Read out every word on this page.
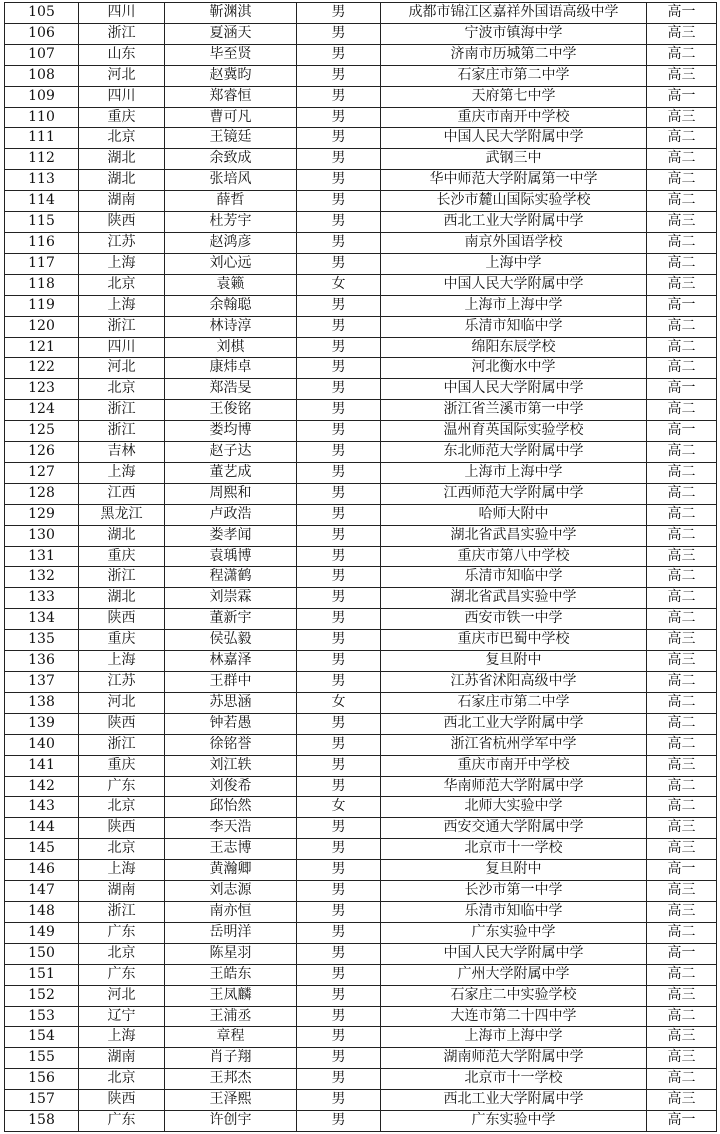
105	四川	靳渊淇	男	成都市锦江区嘉祥外国语高级中学	高一
106	浙江	夏涵天	男	宁波市镇海中学	高三
107	山东	毕至贤	男	济南市历城第二中学	高二
108	河北	赵冀昀	男	石家庄市第二中学	高三
109	四川	郑睿恒	男	天府第七中学	高一
110	重庆	曹可凡	男	重庆市南开中学校	高三
111	北京	王镜廷	男	中国人民大学附属中学	高二
112	湖北	余致成	男	武钢三中	高二
113	湖北	张培风	男	华中师范大学附属第一中学	高二
114	湖南	薛哲	男	长沙市麓山国际实验学校	高二
115	陕西	杜芳宇	男	西北工业大学附属中学	高三
116	江苏	赵鸿彦	男	南京外国语学校	高二
117	上海	刘心远	男	上海中学	高二
118	北京	袁籁	女	中国人民大学附属中学	高三
119	上海	余翰聪	男	上海市上海中学	高一
120	浙江	林诗淳	男	乐清市知临中学	高二
121	四川	刘棋	男	绵阳东辰学校	高二
122	河北	康炜卓	男	河北衡水中学	高二
123	北京	郑浩旻	男	中国人民大学附属中学	高一
124	浙江	王俊铭	男	浙江省兰溪市第一中学	高二
125	浙江	娄均博	男	温州育英国际实验学校	高一
126	吉林	赵子达	男	东北师范大学附属中学	高二
127	上海	董艺成	男	上海市上海中学	高二
128	江西	周熙和	男	江西师范大学附属中学	高二
129	黑龙江	卢政浩	男	哈师大附中	高二
130	湖北	娄孝闻	男	湖北省武昌实验中学	高二
131	重庆	袁瑀博	男	重庆市第八中学校	高三
132	浙江	程潇鹤	男	乐清市知临中学	高二
133	湖北	刘崇霖	男	湖北省武昌实验中学	高二
134	陕西	董新宇	男	西安市铁一中学	高二
135	重庆	侯弘毅	男	重庆市巴蜀中学校	高三
136	上海	林嘉泽	男	复旦附中	高三
137	江苏	王群中	男	江苏省沭阳高级中学	高二
138	河北	苏思涵	女	石家庄市第二中学	高二
139	陕西	钟若愚	男	西北工业大学附属中学	高二
140	浙江	徐铭誉	男	浙江省杭州学军中学	高二
141	重庆	刘江轶	男	重庆市南开中学校	高三
142	广东	刘俊希	男	华南师范大学附属中学	高二
143	北京	邱怡然	女	北师大实验中学	高二
144	陕西	李天浩	男	西安交通大学附属中学	高三
145	北京	王志博	男	北京市十一学校	高三
146	上海	黄瀚卿	男	复旦附中	高一
147	湖南	刘志源	男	长沙市第一中学	高三
148	浙江	南亦恒	男	乐清市知临中学	高三
149	广东	岳明洋	男	广东实验中学	高二
150	北京	陈星羽	男	中国人民大学附属中学	高一
151	广东	王皓东	男	广州大学附属中学	高二
152	河北	王凤麟	男	石家庄二中实验学校	高三
153	辽宁	王浦丞	男	大连市第二十四中学	高二
154	上海	章程	男	上海市上海中学	高三
155	湖南	肖子翔	男	湖南师范大学附属中学	高三
156	北京	王邦杰	男	北京市十一学校	高二
157	陕西	王泽熙	男	西北工业大学附属中学	高三
158	广东	许创宇	男	广东实验中学	高一
